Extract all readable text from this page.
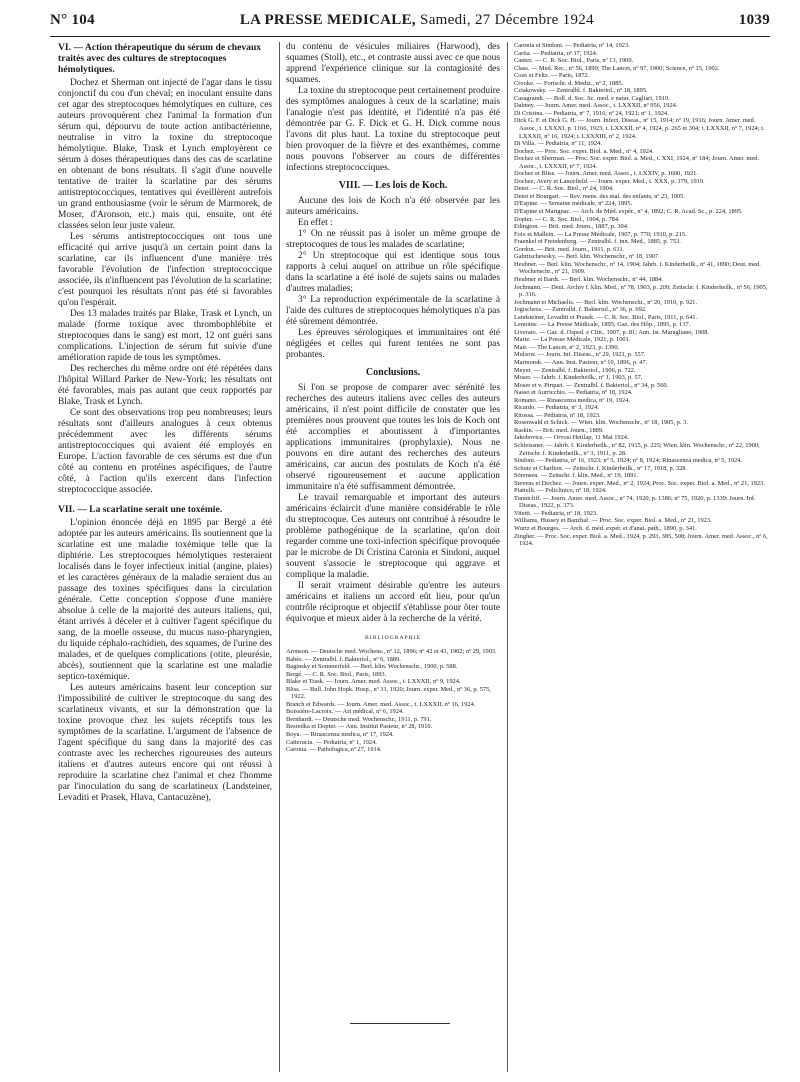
N° 104	LA PRESSE MEDICALE, Samedi, 27 Décembre 1924	1039
VI. — Action thérapeutique du sérum de chevaux traités avec des cultures de streptocoques hémolytiques.

Dochez et Sherman ont injecté de l'agar dans le tissu conjonctif du cou d'un cheval; en inoculant ensuite dans cet agar des streptocoques hémolytiques en culture, ces auteurs provoquèrent chez l'animal la formation d'un sérum qui, dépourvu de toute action antibactérienne, neutralise in vitro la toxine du streptocoque hémolytique. Blake, Trask et Lynch employèrent ce sérum à doses thérapeutiques dans des cas de scarlatine en obtenant de bons résultats. Il s'agit d'une nouvelle tentative de traiter la scarlatine par des sérums antistreptococciques, tentatives qui éveillèrent autrefois un grand enthousiasme (voir le sérum de Marmorek, de Moser, d'Aronson, etc.) mais qui, ensuite, ont été classées selon leur juste valeur.

Les sérums antistreptococciques ont tous une efficacité qui arrive jusqu'à un certain point dans la scarlatine, car ils influencent d'une manière très favorable l'évolution de l'infection streptococcique associée, ils n'influencent pas l'évolution de la scarlatine; c'est pourquoi les résultats n'ont pas été si favorables qu'on l'espérait.

Des 13 malades traités par Blake, Trask et Lynch, un malade (forme toxique avec thrombophlébite et streptocoques dans le sang) est mort, 12 ont guéri sans complications. L'injection de sérum fut suivie d'une amélioration rapide de tous les symptômes.

Des recherches du même ordre ont été répétées dans l'hôpital Willard Parker de New-York; les résultats ont été favorables, mais pas autant que ceux rapportés par Blake, Trask et Lynch.

Ce sont des observations trop peu nombreuses; leurs résultats sont d'ailleurs analogues à ceux obtenus précédemment avec les différents sérums antistreptococciques qui avaient été employés en Europe. L'action favorable de ces sérums est due d'un côté au contenu en protéines aspécifiques, de l'autre côté, à l'action qu'ils exercent dans l'infection streptococcique associée.

VII. — La scarlatine serait une toxémie.

L'opinion énoncée déjà en 1895 par Bergé a été adoptée par les auteurs américains. Ils soutiennent que la scarlatine est une maladie toxémique telle que la diphtérie. Les streptocoques hémolytiques resteraient localisés dans le foyer infectieux initial (angine, plaies) et les caractères généraux de la maladie seraient dus au passage des toxines spécifiques dans la circulation générale. Cette conception s'oppose d'une manière absolue à celle de la majorité des auteurs italiens, qui, étant arrivés à déceler et à cultiver l'agent spécifique du sang, de la moelle osseuse, du mucus naso-pharyngien, du liquide céphalo-rachidien, des squames, de l'urine des malades, et de quelques complications (otite, pleurésie, abcès), soutiennent que la scarlatine est une maladie septico-toxémique.

Les auteurs américains basent leur conception sur l'impossibilité de cultiver le streptocoque du sang des scarlatineux vivants, et sur la démonstration que la toxine provoque chez les sujets réceptifs tous les symptômes de la scarlatine. L'argument de l'absence de l'agent spécifique du sang dans la majorité des cas contraste avec les recherches rigoureuses des auteurs italiens et d'autres auteurs encore qui ont réussi à reproduire la scarlatine chez l'animal et chez l'homme par l'inoculation du sang de scarlatineux (Landsteiner, Levaditi et Prasek, Hlava, Cantacuzène),

du contenu de vésicules miliaires (Harwood), des squames (Stoll), etc., et contraste aussi avec ce que nous apprend l'expérience clinique sur la contagiosité des squames.

La toxine du streptocoque peut certainement produire des symptômes analogues à ceux de la scarlatine; mais l'analogie n'est pas identité, et l'identité n'a pas été démontrée par G. F. Dick et G. H. Dick comme nous l'avons dit plus haut. La toxine du streptocoque peut bien provoquer de la fièvre et des exanthèmes, comme nous pouvons l'observer au cours de différentes infections streptococciques.

VIII. — Les lois de Koch.

Aucune des lois de Koch n'a été observée par les auteurs américains.

En effet :

1° On ne réussit pas à isoler un même groupe de streptocoques de tous les malades de scarlatine;

2° Un streptocoque qui est identique sous tous rapports à celui auquel on attribue un rôle spécifique dans la scarlatine a été isolé de sujets sains ou malades d'autres maladies;

3° La reproduction expérimentale de la scarlatine à l'aide des cultures de streptocoques hémolytiques n'a pas été sûrement démontrée.

Les épreuves sérologiques et immunitaires ont été négligées et celles qui furent tentées ne sont pas probantes.

Conclusions.

Si l'on se propose de comparer avec sérénité les recherches des auteurs italiens avec celles des auteurs américains, il n'est point difficile de constater que les premières nous prouvent que toutes les lois de Koch ont été accomplies et aboutissent à d'importantes applications immunitaires (prophylaxie). Nous ne pouvons en dire autant des recherches des auteurs américains, car aucun des postulats de Koch n'a été observé rigoureusement et aucune application immunitaire n'a été suffisamment démontrée.

Le travail remarquable et important des auteurs américains éclaircit d'une manière considérable le rôle du streptocoque. Ces auteurs ont contribué à résoudre le problème pathogénique de la scarlatine, qu'on doit regarder comme une toxi-infection spécifique provoquée par le microbe de Di Cristina Caronia et Sindoni, auquel souvent s'associe le streptocoque qui aggrave et complique la maladie.

Il serait vraiment désirable qu'entre les auteurs américains et italiens un accord eût lieu, pour qu'un contrôle réciproque et objectif s'établisse pour ôter toute équivoque et mieux aider à la recherche de la vérité.

BIBLIOGRAPHIE

Aronson. — Deutsche med. Wochens., nº 12, 1896; nº 42 et 43, 1902; nº 29, 1903.

Babès. — Zentralbl. f. Bakteriol., nº 6, 1889.

Baginsky et Sommerfeld. — Berl. klin. Wochenschr., 1900, p. 588.

Bergé. — C. R. Soc. Biol., Paris, 1893.

Blake et Trask. — Journ. Amer. med. Assoc., t. LXXXII, nº 9, 1924.

Bliss. — Bull. John Hopk. Hosp., nº 31, 1920; Journ. exper. Med., nº 36, p. 575, 1922.

Branch et Edwards. — Journ. Amer. med. Assoc., t. LXXXII, nº 16, 1924.

Boissière-Lacroix. — Art médical, nº 6, 1924.

Bernhardt. — Deutsche med. Wochenschr., 1911, p. 791.

Besredka et Dopter. — Ann. Institut Pasteur, nº 28, 1910.

Boya. — Rinascenza medica, nº 17, 1924.

Catterucia. — Pediatria, nº 1, 1924.

Caronia. — Pathologica, nº 27, 1914.

Caronia et Sindoni. — Pediatria, nº 14, 1923.

Cartia. — Pediatria, nº 17, 1924.

Cantez. — C. R. Soc. Biol., Paris, nº 13, 1909.

Class. — Med. Rec., nº 56, 1899; The Lancet, nº 97, 1900; Science, nº 15, 1902.

Coze et Feltz. — Paris, 1872.

Crooke. — Fortschr. d. Mediz., nº 2, 1885.

Cziakowsky. — Zentralbl. f. Bakteriol., nº 18, 1895.

Casagrandi. — Boll. d. Soc. Sc. med. e natur. Cagliari, 1910.

Dabney. — Journ. Amer. med. Assoc., t. LXXXII, nº 956, 1924.

Di Cristina. — Pediatria, nº 7, 1916; nº 24, 1921; nº 1, 1924.

Dick G. F. et Dick G. H. — Journ. Infect. Diseas., nº 15, 1914; nº 19, 1916; Journ. Amer. med. Assoc., t. LXXXI, p. 1166, 1923, t. LXXXII, nº 4, 1924, p. 265 et 304; t. LXXXII, nº 7, 1924; t. LXXXII, nº 16, 1924; t. LXXXIII, nº 2, 1924.

Di Villa. — Pediatria, nº 11, 1924.

Dochez. — Proc. Soc. exper. Biol. a. Med., nº 4, 1924.

Dochez et Sherman. — Proc. Soc. exper. Biol. a. Med., t. XXI, 1924, nº 184; Journ. Amer. med. Assoc., t. LXXXII, nº 7, 1924.

Dochez et Bliss. — Journ. Amer. med. Assoc., t. LXXIV, p. 1600, 1921.

Dochez, Avery et Lancefield. — Journ. exper. Med., t. XXX, p. 179, 1919.

Detot. — C. R. Soc. Biol., nº 24, 1904.

Detot et Bourgart. — Rev. mens. des mal. des enfants, nº 23, 1905.

D'Espine. — Semaine médicale, nº 224, 1895.

D'Espine et Marignac. — Arch. de Méd. expér., nº 4, 1892; C. R. Acad. Sc., p. 224, 1895.

Dopter. — C. R. Soc. Biol., 1904, p. 784.

Edington. — Brit. med. Journ., 1887, p. 304.

Foix et Mallein. — La Presse Médicale, 1907, p. 770; 1910, p. 215.

Fraenkel et Freudenberg. — Zentralbl. f. inn. Med., 1885, p. 753.

Gordon. — Brit. med. Journ., 1911, p. 631.

Gabritschewsky. — Berl. klin. Wochenschr., nº 18, 1907.

Heubner. — Berl. klin. Wochenschr., nº 14, 1904; Jahrb. f. Kinderheilk., nº 41, 1890; Deut. med. Wochenschr., nº 21, 1909.

Heubner et Bardt. — Berl. klin. Wochenschr., nº 44, 1884.

Jochmann. — Deut. Archiv f. klin. Med., nº 78, 1903, p. 209; Zeitschr. f. Kinderheilk., nº 56, 1905, p. 316.

Jochmann et Michaelis. — Berl. klin. Wochenschr., nº 20, 1910, p. 921.

Jogischess. — Zentralbl. f. Bakteriol., nº 36, p. 692.

Landsteiner, Levaditi et Prasek. — C. R. Soc. Biol., Paris, 1911, p. 641.

Lemoine. — La Presse Médicale, 1895; Gaz. des Hôp., 1895, p. 137.

Liverato. — Gaz. d. Osped. e Clin., 1907, p. 81; Ann. Ist. Maragliano, 1908.

Marie. — La Presse Médicale, 1921, p. 1001.

Mair. — The Lancet, nº 2, 1923, p. 1390.

Mulsow. — Journ. Inf. Diseas., nº 29, 1921, p. 557.

Marmorek. — Ann. Inst. Pasteur, nº 10, 1896, p. 47.

Meyer. — Zentralbl. f. Bakteriol., 1906, p. 722.

Moser. — Jahrb. f. Kinderheilk., nº 1, 1903, p. 57.

Moser et v. Pirquet. — Zentralbl. f. Bakteriol., nº 34, p. 560.

Nasso et Aurricchio. — Pediatria, nº 18, 1924.

Romano. — Rinascenza medica, nº 19, 1924.

Ricardo. — Pediatria, nº 3, 1924.

Ritossa. — Pediatria, nº 18, 1923.

Rosenwald et Schick. — Wien. klin. Wochenschr., nº 18, 1905, p. 3.

Raskin. — Brit. med. Journ., 1889.

Jakobovics. — Orvosi Hetilap, 11 Mai 1924.

Schleissner. — Jahrb. f. Kinderheilk., nº 82, 1915, p. 225; Wien. klin. Wochenschr., nº 22, 1900; Zeitschr. f. Kinderheilk., nº 3, 1911, p. 28.

Sindoni. — Pediatria, nº 16, 1923; nº 5, 1924; nº 8, 1924; Rinascenza medica, nº 5, 1924.

Schutz et Charlton. — Zeitschr. f. Kinderheilk., nº 17, 1918, p. 328.

Sörensen. — Zeitschr. f. klin. Med., nº 19, 1891.

Stevens et Dochez. — Journ. exper. Med., nº 2, 1924; Proc. Soc. exper. Biol. a. Med., nº 21, 1923.

Piattelli. — Policlinico, nº 18, 1924.

Tunnicliff. — Journ. Amer. med. Assoc., nº 74, 1920, p. 1386; nº 75, 1920, p. 1339; Journ. Inf. Diseas., 1922, p. 373.

Vitetti. — Pediatria, nº 18, 1923.

Williams, Hussey et Banzhaf. — Proc. Soc. exper. Biol. a. Med., nº 21, 1923.

Wurtz et Bourges. — Arch. d. méd. expér. et d'anat. path., 1890, p. 341.

Zingher. — Proc. Soc. exper. Biol. a. Med., 1924, p. 293, 385, 508; Journ. Amer. med. Assoc., nº 6, 1924.
